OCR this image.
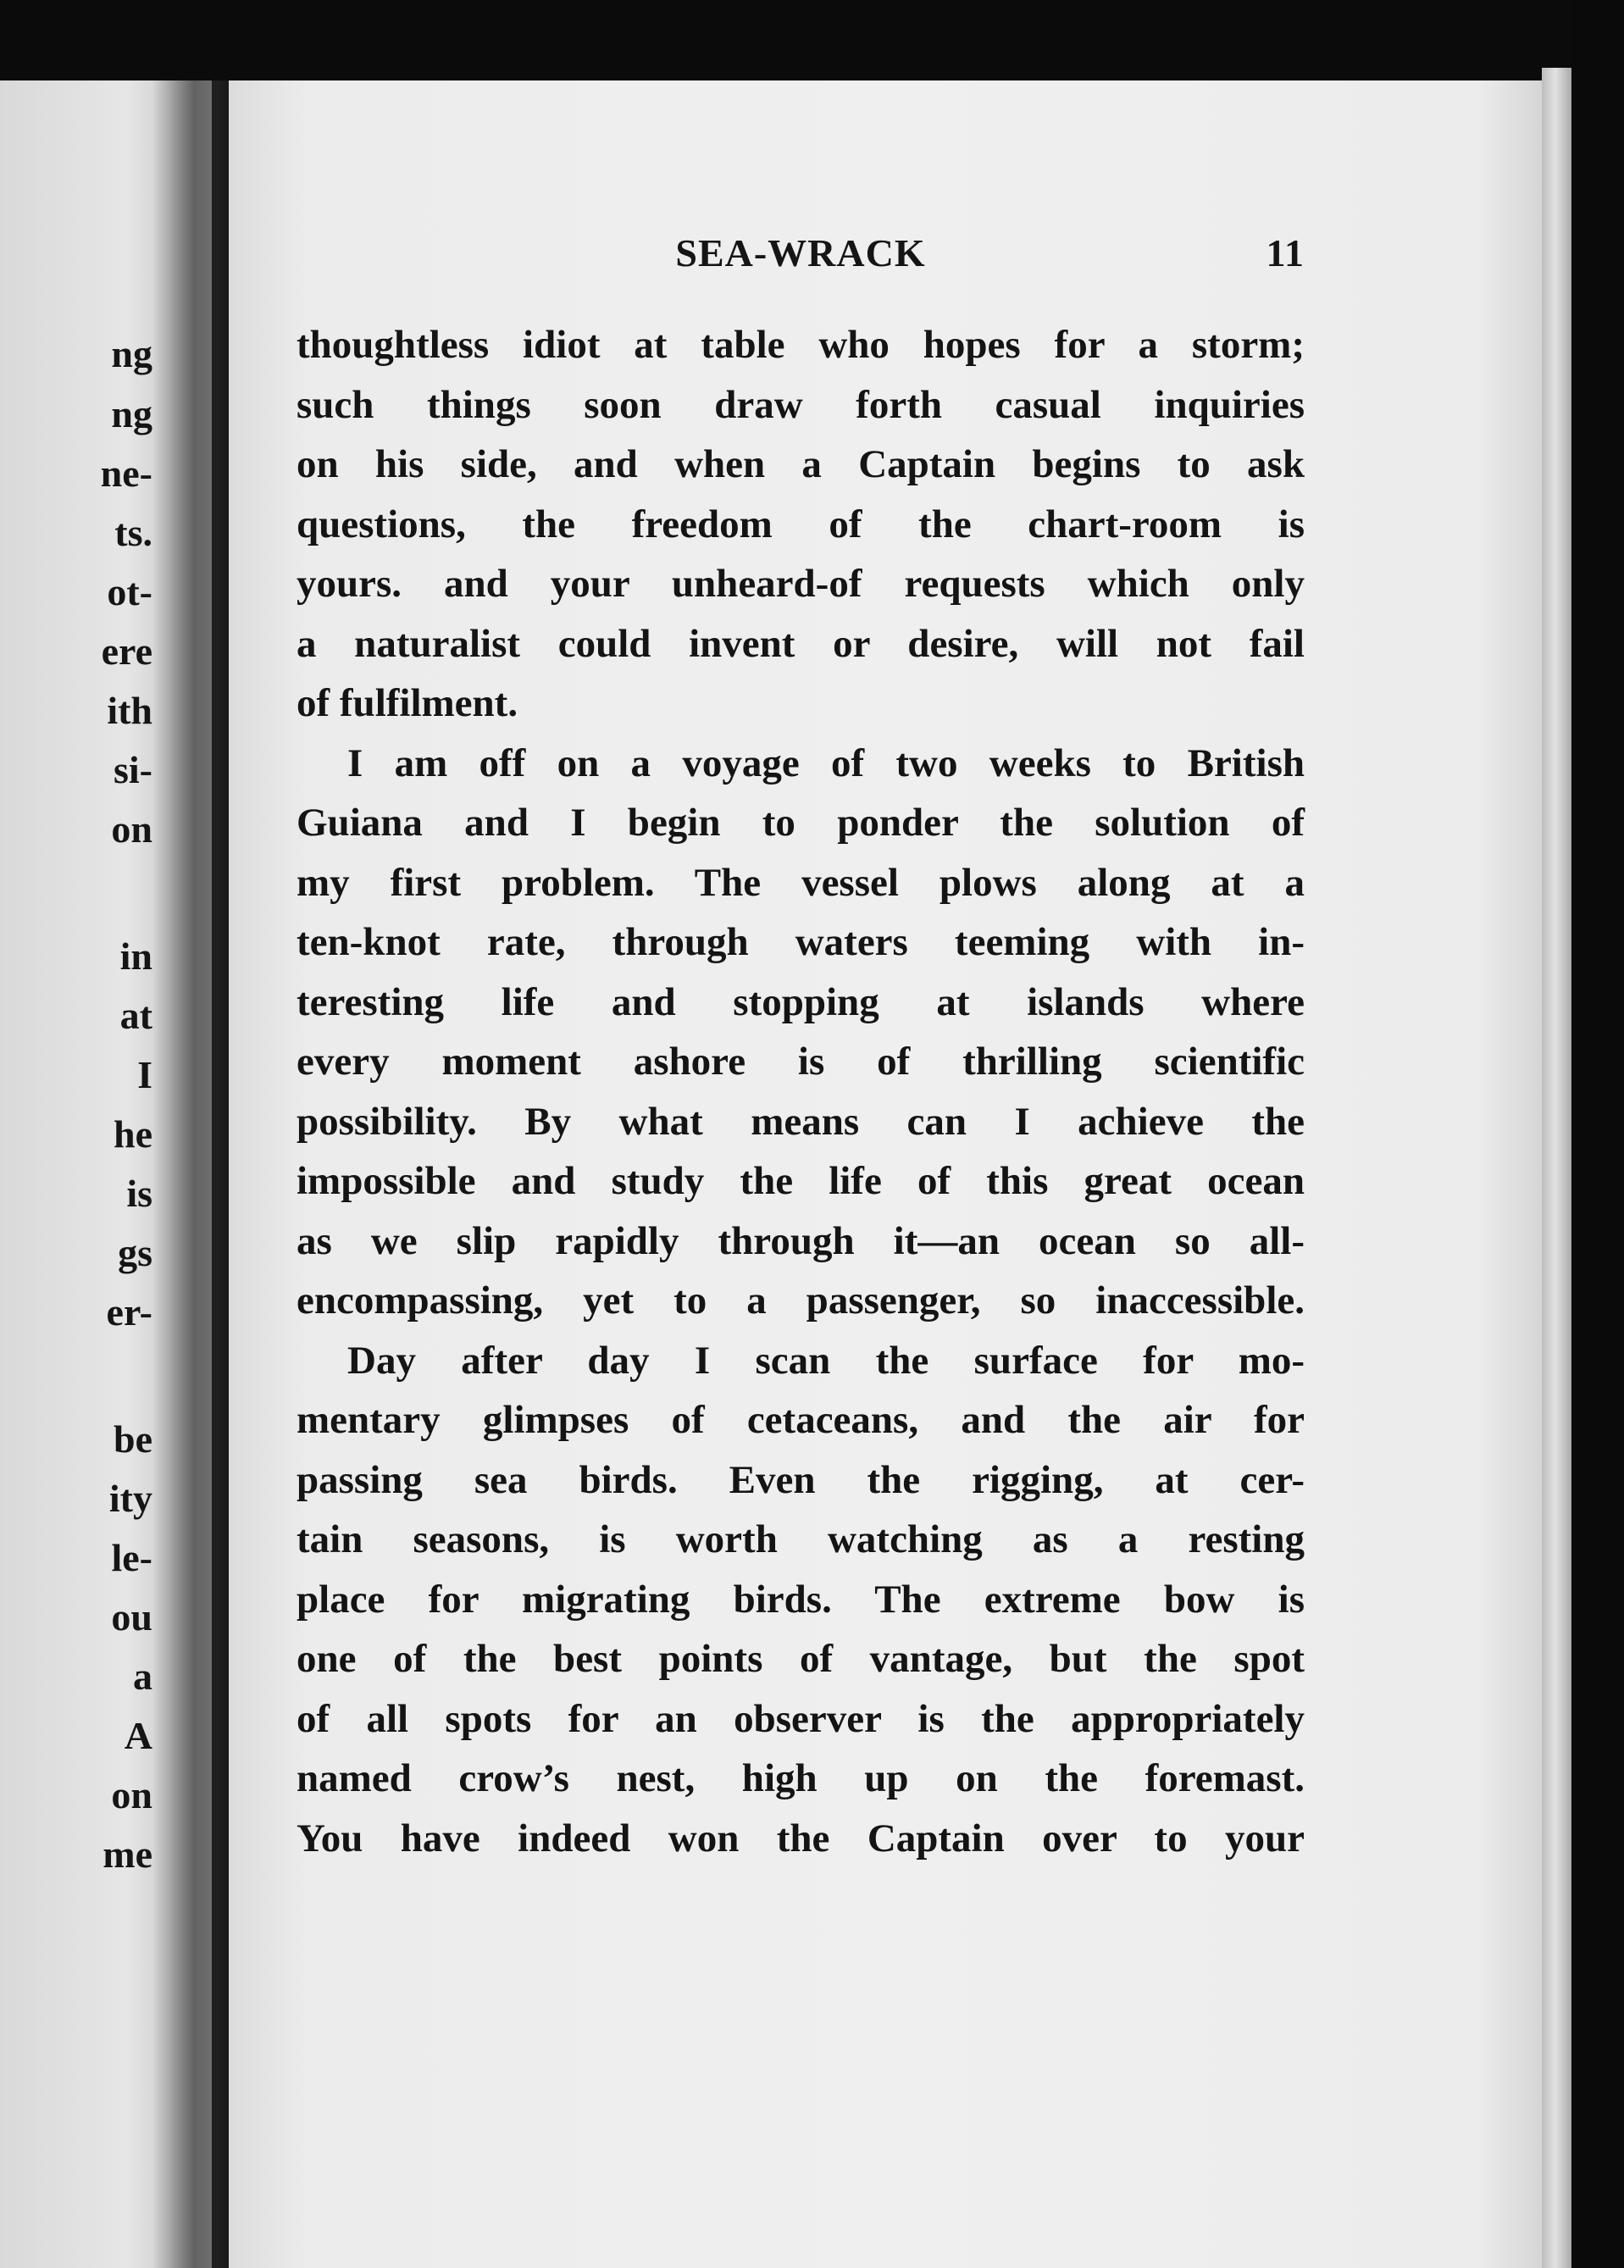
ng
ng
ne-
ts.
ot-
ere
ith
si-
on
in
at
I
he
is
gs
er-
be
ity
le-
ou
a
A
on
me
SEA-WRACK	11
thoughtless idiot at table who hopes for a storm;
such things soon draw forth casual inquiries
on his side, and when a Captain begins to ask
questions, the freedom of the chart-room is
yours. and your unheard-of requests which only
a naturalist could invent or desire, will not fail
of fulfilment.
I am off on a voyage of two weeks to British
Guiana and I begin to ponder the solution of
my first problem. The vessel plows along at a
ten-knot rate, through waters teeming with in-
teresting life and stopping at islands where
every moment ashore is of thrilling scientific
possibility. By what means can I achieve the
impossible and study the life of this great ocean
as we slip rapidly through it—an ocean so all-
encompassing, yet to a passenger, so inaccessible.
Day after day I scan the surface for mo-
mentary glimpses of cetaceans, and the air for
passing sea birds. Even the rigging, at cer-
tain seasons, is worth watching as a resting
place for migrating birds. The extreme bow is
one of the best points of vantage, but the spot
of all spots for an observer is the appropriately
named crow’s nest, high up on the foremast.
You have indeed won the Captain over to your
